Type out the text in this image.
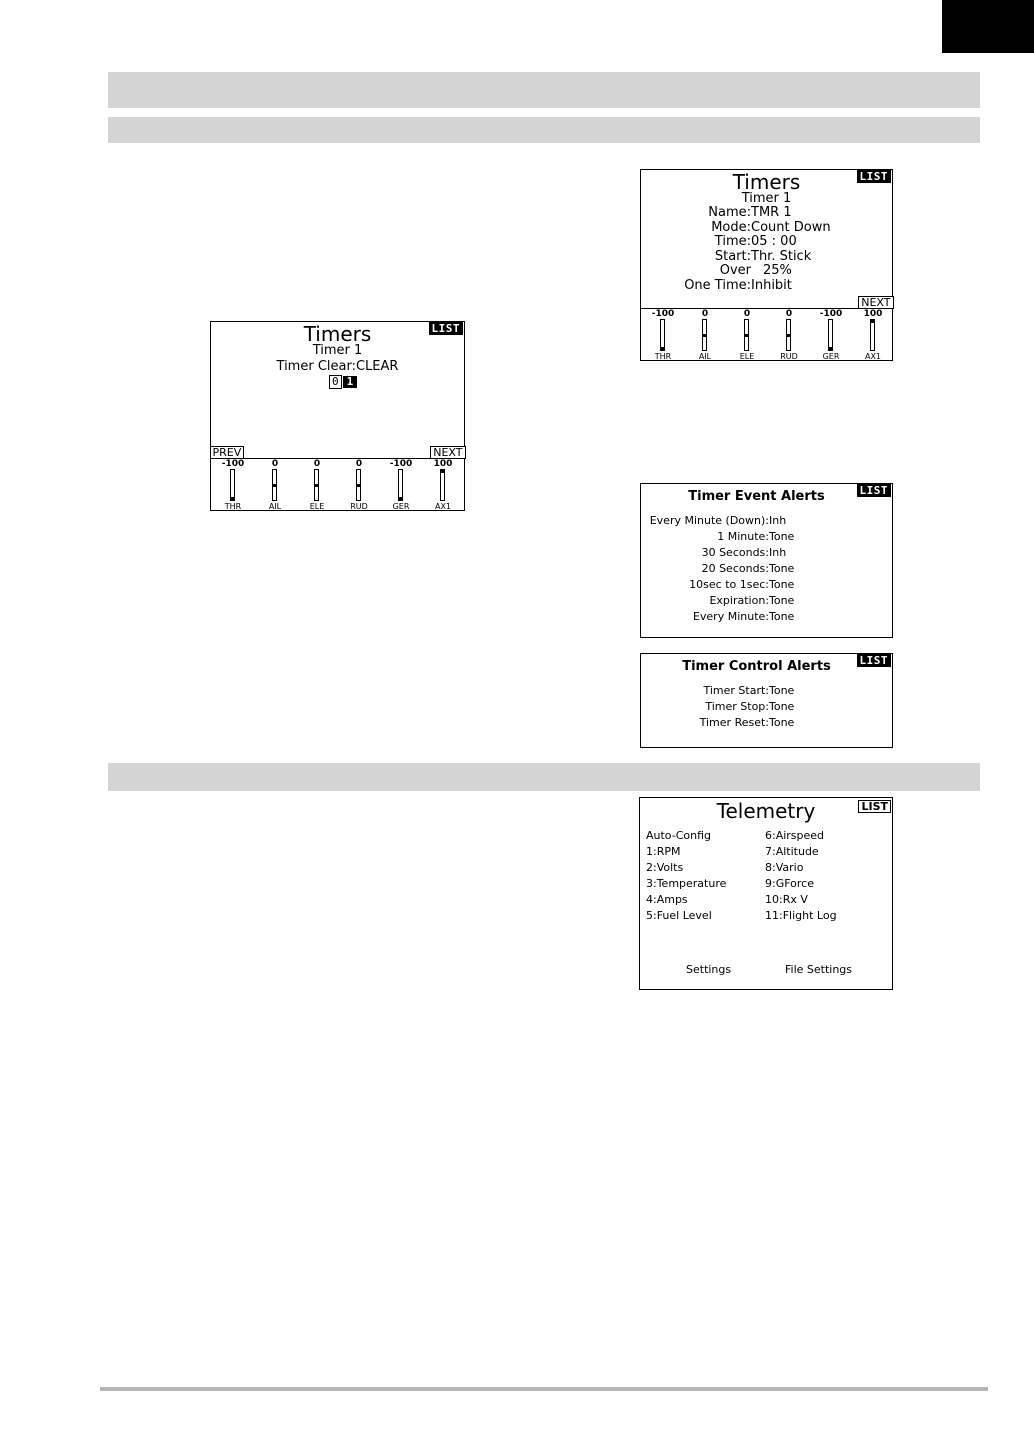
Timers	LIST
Timer 1
Timer Clear:CLEAR
0 1
PREV	NEXT
-100
THR
0
AIL
0
ELE
0
RUD
-100
GER
100
AX1
Timers	LIST
Timer 1
Name:TMR 1
Mode:Count Down
Time:05 : 00
Start:Thr. Stick
Over 25%
One Time:Inhibit
NEXT
-100
THR
0
AIL
0
ELE
0
RUD
-100
GER
100
AX1
Timer Event Alerts	LIST
Every Minute (Down):Inh
1 Minute:Tone
30 Seconds:Inh
20 Seconds:Tone
10sec to 1sec:Tone
Expiration:Tone
Every Minute:Tone
Timer Control Alerts	LIST
Timer Start:Tone
Timer Stop:Tone
Timer Reset:Tone
Telemetry	LIST
Auto-Config
1:RPM
2:Volts
3:Temperature
4:Amps
5:Fuel Level
6:Airspeed
7:Altitude
8:Vario
9:GForce
10:Rx V
11:Flight Log
Settings	File Settings
